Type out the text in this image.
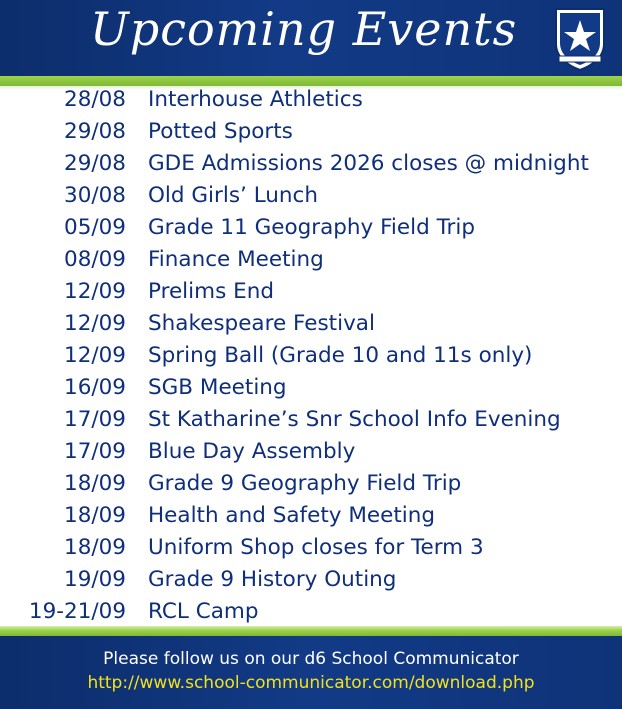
Upcoming Events
28/08 Interhouse Athletics
29/08 Potted Sports
29/08 GDE Admissions 2026 closes @ midnight
30/08 Old Girls’ Lunch
05/09 Grade 11 Geography Field Trip
08/09 Finance Meeting
12/09 Prelims End
12/09 Shakespeare Festival
12/09 Spring Ball (Grade 10 and 11s only)
16/09 SGB Meeting
17/09 St Katharine’s Snr School Info Evening
17/09 Blue Day Assembly
18/09 Grade 9 Geography Field Trip
18/09 Health and Safety Meeting
18/09 Uniform Shop closes for Term 3
19/09 Grade 9 History Outing
19-21/09 RCL Camp
Please follow us on our d6 School Communicator
http://www.school-communicator.com/download.php
